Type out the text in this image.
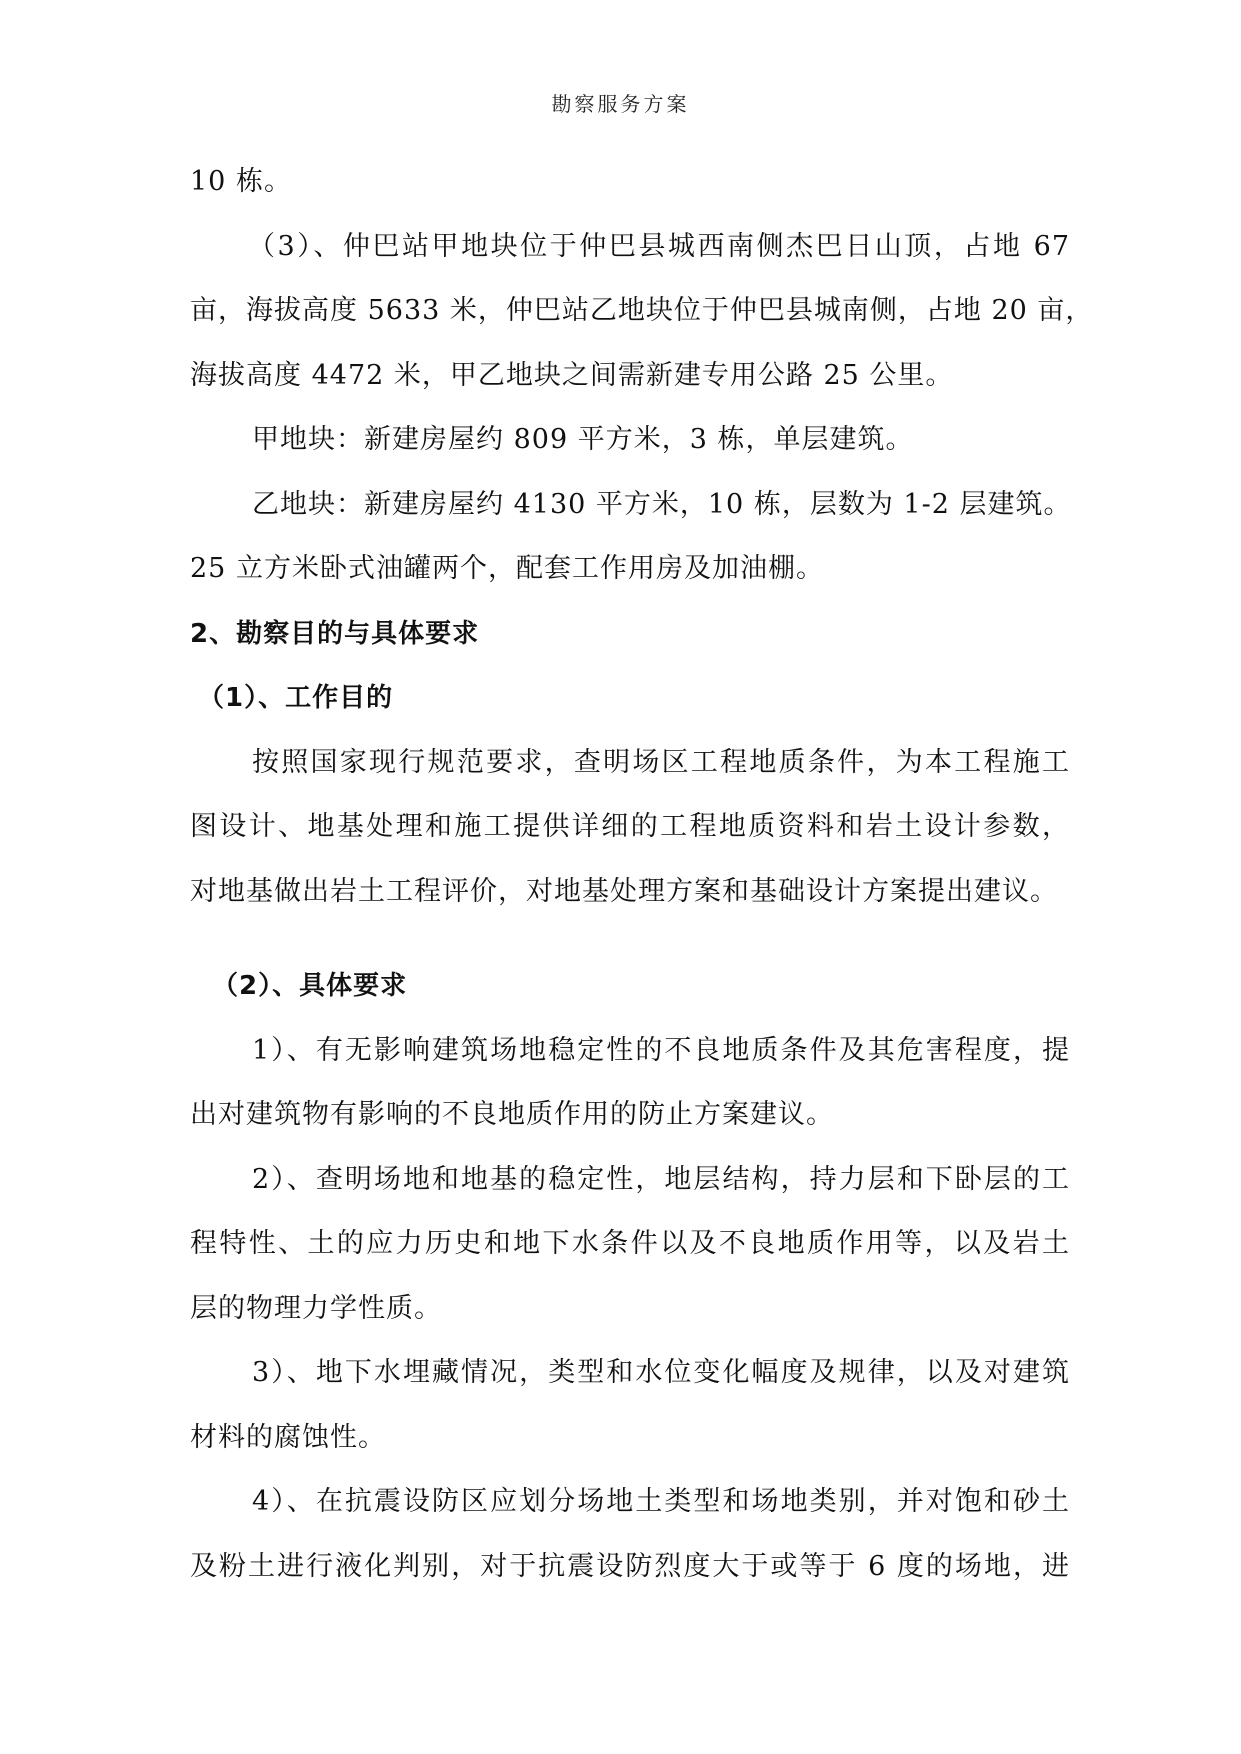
勘察服务方案
10 栋。
（3）、仲巴站甲地块位于仲巴县城西南侧杰巴日山顶，占地 67
亩，海拔高度 5633 米，仲巴站乙地块位于仲巴县城南侧，占地 20 亩，
海拔高度 4472 米，甲乙地块之间需新建专用公路 25 公里。
甲地块：新建房屋约 809 平方米，3 栋，单层建筑。
乙地块：新建房屋约 4130 平方米，10 栋，层数为 1-2 层建筑。
25 立方米卧式油罐两个，配套工作用房及加油棚。
2、勘察目的与具体要求
（1）、工作目的
按照国家现行规范要求，查明场区工程地质条件，为本工程施工
图设计、地基处理和施工提供详细的工程地质资料和岩土设计参数，
对地基做出岩土工程评价，对地基处理方案和基础设计方案提出建议。
（2）、具体要求
1）、有无影响建筑场地稳定性的不良地质条件及其危害程度，提
出对建筑物有影响的不良地质作用的防止方案建议。
2）、查明场地和地基的稳定性，地层结构，持力层和下卧层的工
程特性、土的应力历史和地下水条件以及不良地质作用等，以及岩土
层的物理力学性质。
3）、地下水埋藏情况，类型和水位变化幅度及规律，以及对建筑
材料的腐蚀性。
4）、在抗震设防区应划分场地土类型和场地类别，并对饱和砂土
及粉土进行液化判别，对于抗震设防烈度大于或等于 6 度的场地，进
